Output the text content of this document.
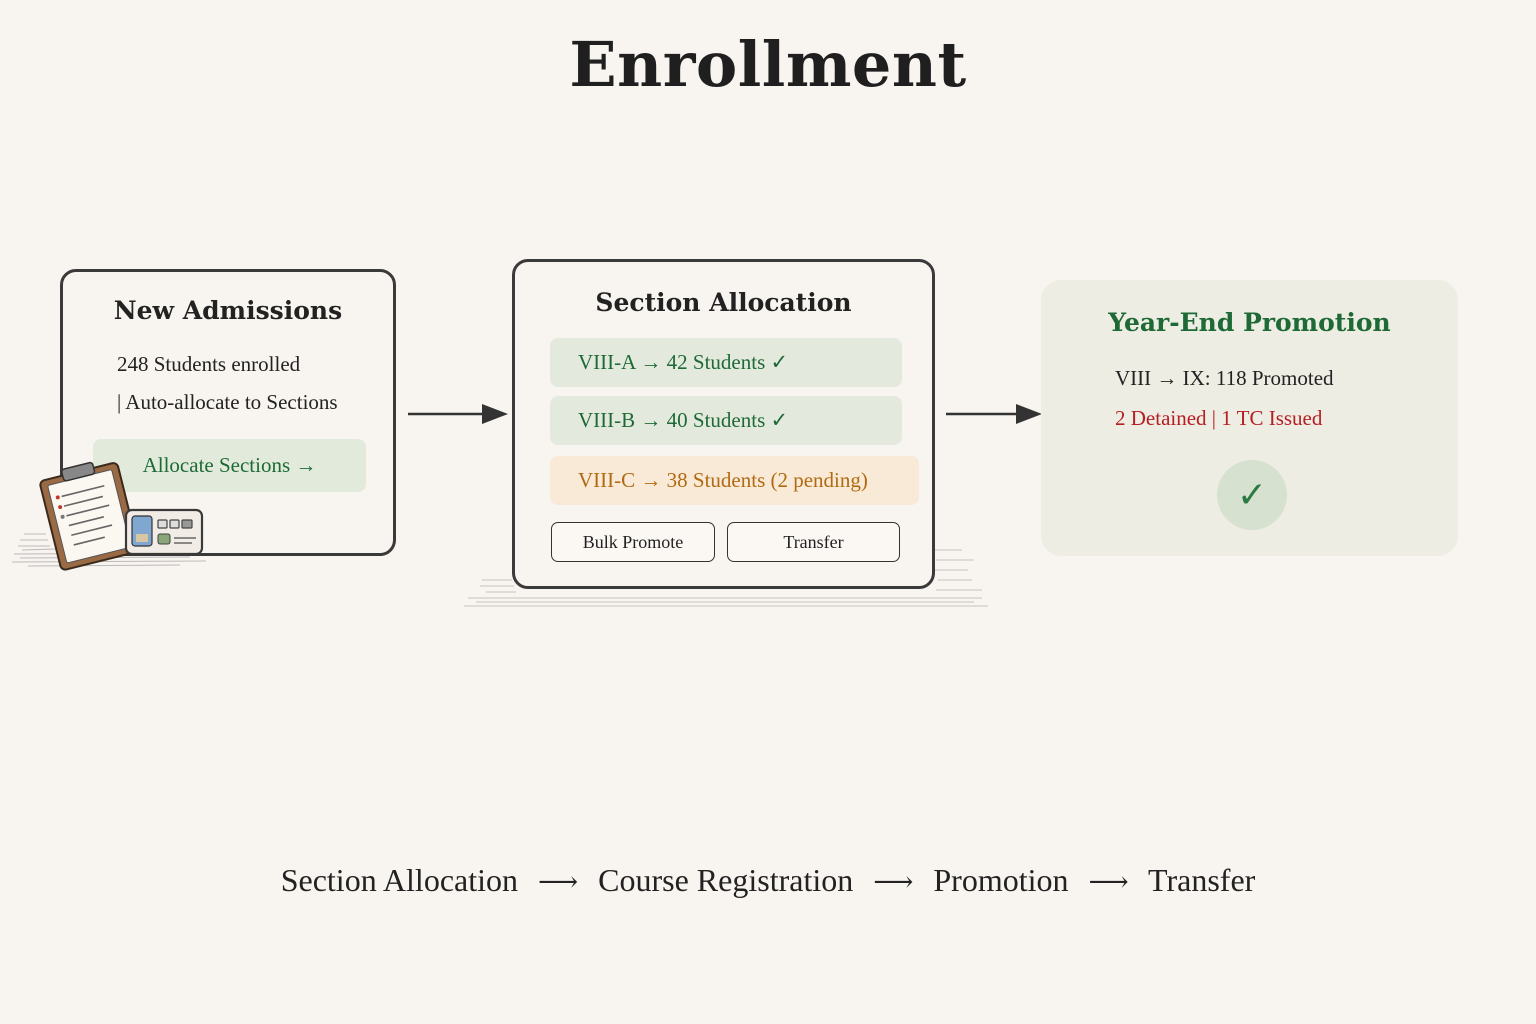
Enrollment
New Admissions
248 Students enrolled
| Auto-allocate to Sections
Allocate Sections →
Section Allocation
VIII-A → 42 Students ✓
VIII-B → 40 Students ✓
VIII-C → 38 Students (2 pending)
Bulk Promote	Transfer
Year-End Promotion
VIII → IX: 118 Promoted
2 Detained | 1 TC Issued
✓
Section Allocation ⟶ Course Registration ⟶ Promotion ⟶ Transfer
